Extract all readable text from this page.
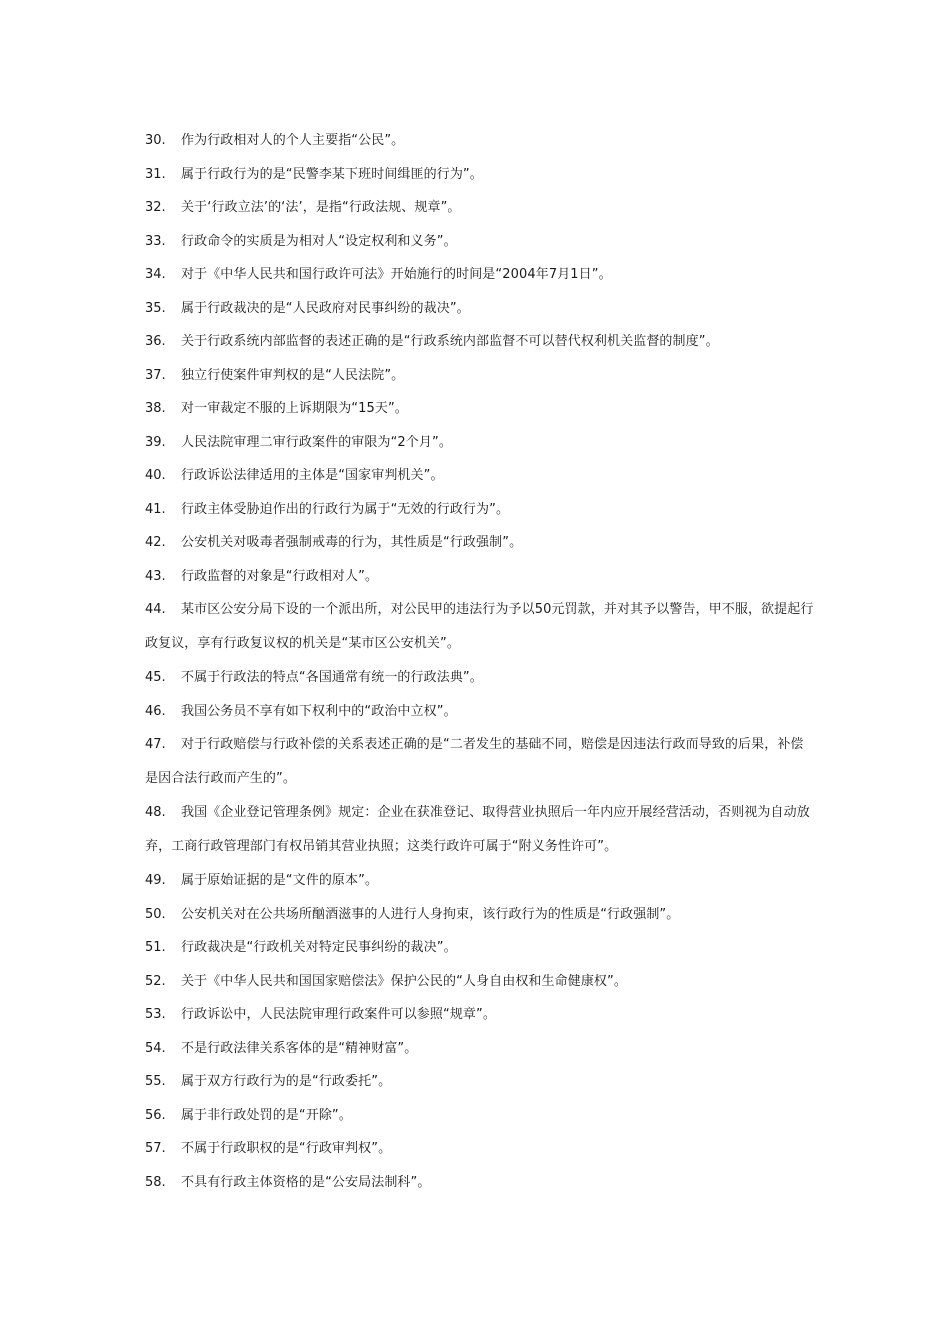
30. 作为行政相对人的个人主要指“公民”。
31. 属于行政行为的是“民警李某下班时间缉匪的行为”。
32. 关于‘行政立法’的‘法’，是指“行政法规、规章”。
33. 行政命令的实质是为相对人“设定权利和义务”。
34. 对于《中华人民共和国行政许可法》开始施行的时间是“2004年7月1日”。
35. 属于行政裁决的是“人民政府对民事纠纷的裁决”。
36. 关于行政系统内部监督的表述正确的是“行政系统内部监督不可以替代权利机关监督的制度”。
37. 独立行使案件审判权的是“人民法院”。
38. 对一审裁定不服的上诉期限为“15天”。
39. 人民法院审理二审行政案件的审限为“2个月”。
40. 行政诉讼法律适用的主体是“国家审判机关”。
41. 行政主体受胁迫作出的行政行为属于“无效的行政行为”。
42. 公安机关对吸毒者强制戒毒的行为，其性质是“行政强制”。
43. 行政监督的对象是“行政相对人”。
44. 某市区公安分局下设的一个派出所，对公民甲的违法行为予以50元罚款，并对其予以警告，甲不服，欲提起行政复议，享有行政复议权的机关是“某市区公安机关”。
45. 不属于行政法的特点“各国通常有统一的行政法典”。
46. 我国公务员不享有如下权利中的“政治中立权”。
47. 对于行政赔偿与行政补偿的关系表述正确的是“二者发生的基础不同，赔偿是因违法行政而导致的后果，补偿是因合法行政而产生的”。
48. 我国《企业登记管理条例》规定：企业在获准登记、取得营业执照后一年内应开展经营活动，否则视为自动放弃，工商行政管理部门有权吊销其营业执照；这类行政许可属于“附义务性许可”。
49. 属于原始证据的是“文件的原本”。
50. 公安机关对在公共场所酗酒滋事的人进行人身拘束，该行政行为的性质是“行政强制”。
51. 行政裁决是“行政机关对特定民事纠纷的裁决”。
52. 关于《中华人民共和国国家赔偿法》保护公民的“人身自由权和生命健康权”。
53. 行政诉讼中，人民法院审理行政案件可以参照“规章”。
54. 不是行政法律关系客体的是“精神财富”。
55. 属于双方行政行为的是“行政委托”。
56. 属于非行政处罚的是“开除”。
57. 不属于行政职权的是“行政审判权”。
58. 不具有行政主体资格的是“公安局法制科”。
